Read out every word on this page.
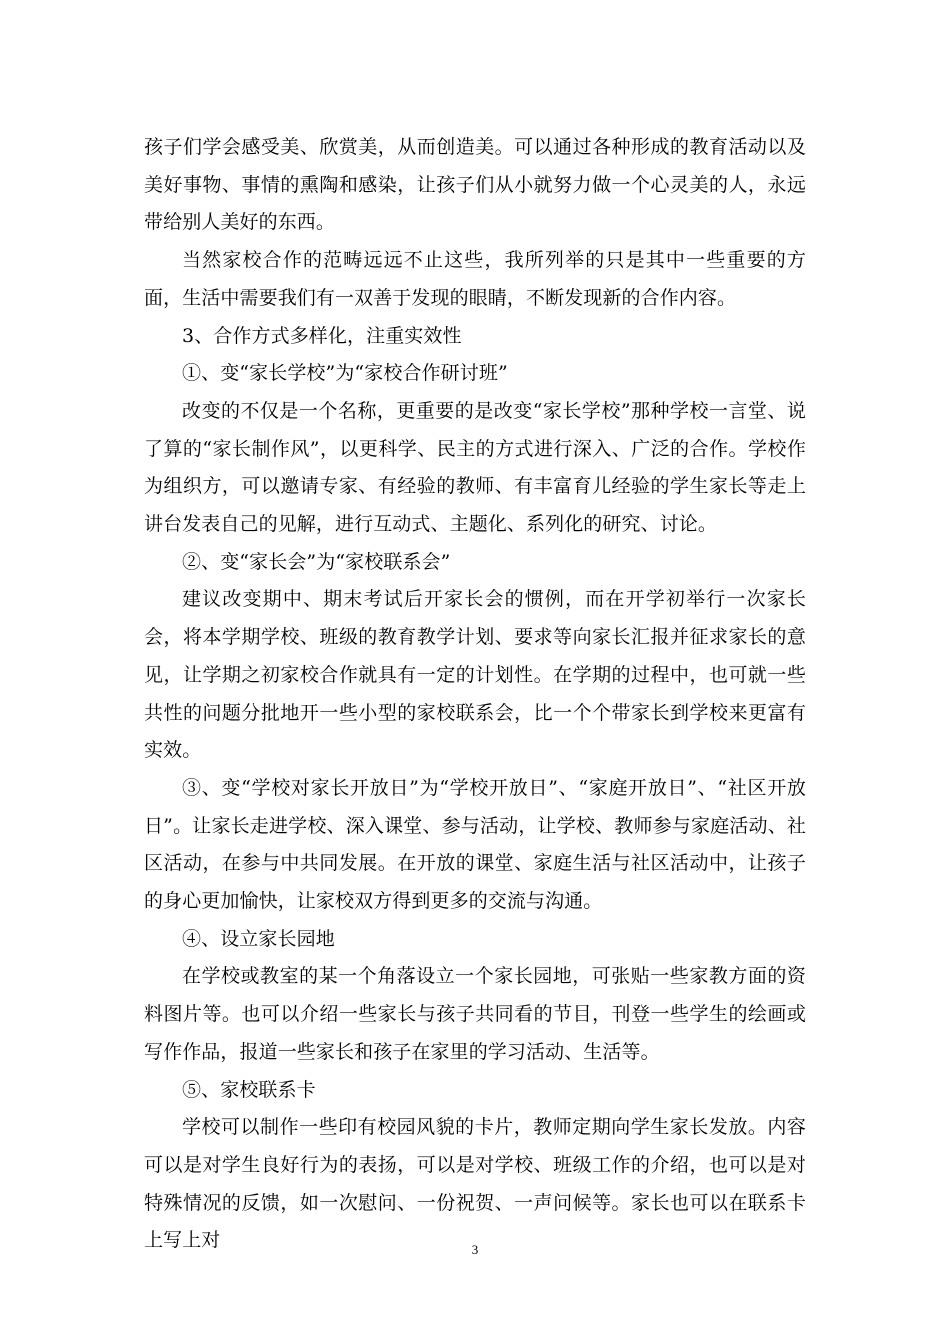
孩子们学会感受美、欣赏美，从而创造美。可以通过各种形成的教育活动以及美好事物、事情的熏陶和感染，让孩子们从小就努力做一个心灵美的人，永远带给别人美好的东西。

当然家校合作的范畴远远不止这些，我所列举的只是其中一些重要的方面，生活中需要我们有一双善于发现的眼睛，不断发现新的合作内容。

3、合作方式多样化，注重实效性

①、变“家长学校”为“家校合作研讨班”

改变的不仅是一个名称，更重要的是改变“家长学校”那种学校一言堂、说了算的“家长制作风”，以更科学、民主的方式进行深入、广泛的合作。学校作为组织方，可以邀请专家、有经验的教师、有丰富育儿经验的学生家长等走上讲台发表自己的见解，进行互动式、主题化、系列化的研究、讨论。

②、变“家长会”为“家校联系会”

建议改变期中、期末考试后开家长会的惯例，而在开学初举行一次家长会，将本学期学校、班级的教育教学计划、要求等向家长汇报并征求家长的意见，让学期之初家校合作就具有一定的计划性。在学期的过程中，也可就一些共性的问题分批地开一些小型的家校联系会，比一个个带家长到学校来更富有实效。

③、变“学校对家长开放日”为“学校开放日”、“家庭开放日”、“社区开放日”。让家长走进学校、深入课堂、参与活动，让学校、教师参与家庭活动、社区活动，在参与中共同发展。在开放的课堂、家庭生活与社区活动中，让孩子的身心更加愉快，让家校双方得到更多的交流与沟通。

④、设立家长园地

在学校或教室的某一个角落设立一个家长园地，可张贴一些家教方面的资料图片等。也可以介绍一些家长与孩子共同看的节目，刊登一些学生的绘画或写作作品，报道一些家长和孩子在家里的学习活动、生活等。

⑤、家校联系卡

学校可以制作一些印有校园风貌的卡片，教师定期向学生家长发放。内容可以是对学生良好行为的表扬，可以是对学校、班级工作的介绍，也可以是对特殊情况的反馈，如一次慰问、一份祝贺、一声问候等。家长也可以在联系卡上写上对	3
